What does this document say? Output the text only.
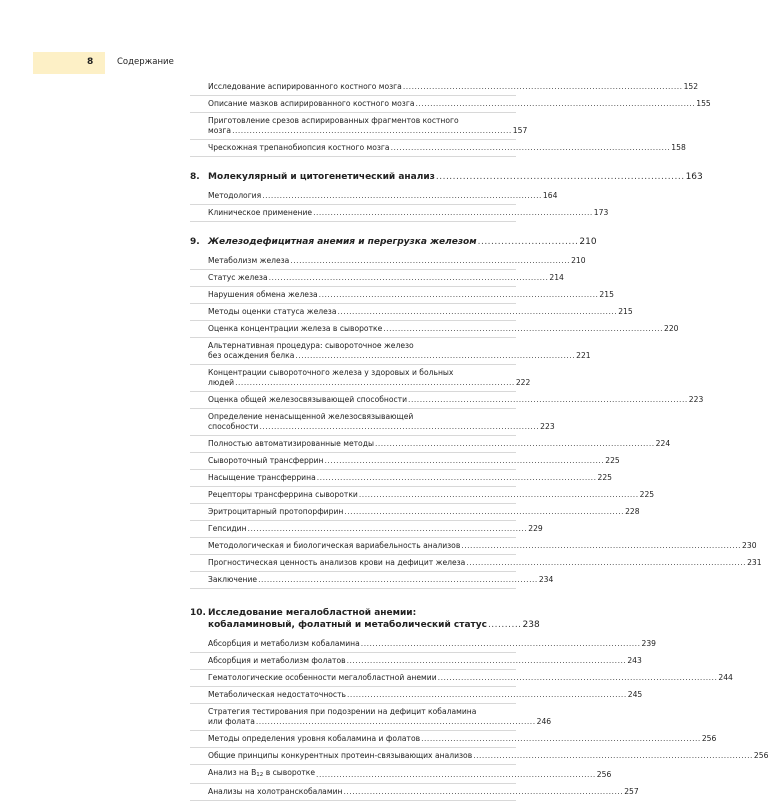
8	Содержание
Исследование аспирированного костного мозга ................................................................................................ 152
Описание мазков аспирированного костного мозга ................................................................................................ 155
Приготовление срезов аспирированных фрагментов костного
мозга ................................................................................................ 157
Чрескожная трепанобиопсия костного мозга ................................................................................................ 158
8. Молекулярный и цитогенетический анализ .......................................................................... 163
Методология ................................................................................................ 164
Клиническое применение ................................................................................................ 173
9. Железодефицитная анемия и перегрузка железом .............................. 210
Метаболизм железа ................................................................................................ 210
Статус железа ................................................................................................ 214
Нарушения обмена железа ................................................................................................ 215
Методы оценки статуса железа ................................................................................................ 215
Оценка концентрации железа в сыворотке ................................................................................................ 220
Альтернативная процедура: сывороточное железо
без осаждения белка ................................................................................................ 221
Концентрации сывороточного железа у здоровых и больных
людей ................................................................................................ 222
Оценка общей железосвязывающей способности ................................................................................................ 223
Определение ненасыщенной железосвязывающей
способности ................................................................................................ 223
Полностью автоматизированные методы ................................................................................................ 224
Сывороточный трансферрин ................................................................................................ 225
Насыщение трансферрина ................................................................................................ 225
Рецепторы трансферрина сыворотки ................................................................................................ 225
Эритроцитарный протопорфирин ................................................................................................ 228
Гепсидин ................................................................................................ 229
Методологическая и биологическая вариабельность анализов ................................................................................................ 230
Прогностическая ценность анализов крови на дефицит железа ................................................................................................ 231
Заключение ................................................................................................ 234
10. Исследование мегалобластной анемии:
кобаламиновый, фолатный и метаболический статус .......... 238
Абсорбция и метаболизм кобаламина ................................................................................................ 239
Абсорбция и метаболизм фолатов ................................................................................................ 243
Гематологические особенности мегалобластной анемии ................................................................................................ 244
Метаболическая недостаточность ................................................................................................ 245
Стратегия тестирования при подозрении на дефицит кобаламина
или фолата ................................................................................................ 246
Методы определения уровня кобаламина и фолатов ................................................................................................ 256
Общие принципы конкурентных протеин-связывающих анализов ................................................................................................ 256
Анализ на $B_{12}$ в сыворотке ................................................................................................ 256
Анализы на холотранскобаламин ................................................................................................ 257
